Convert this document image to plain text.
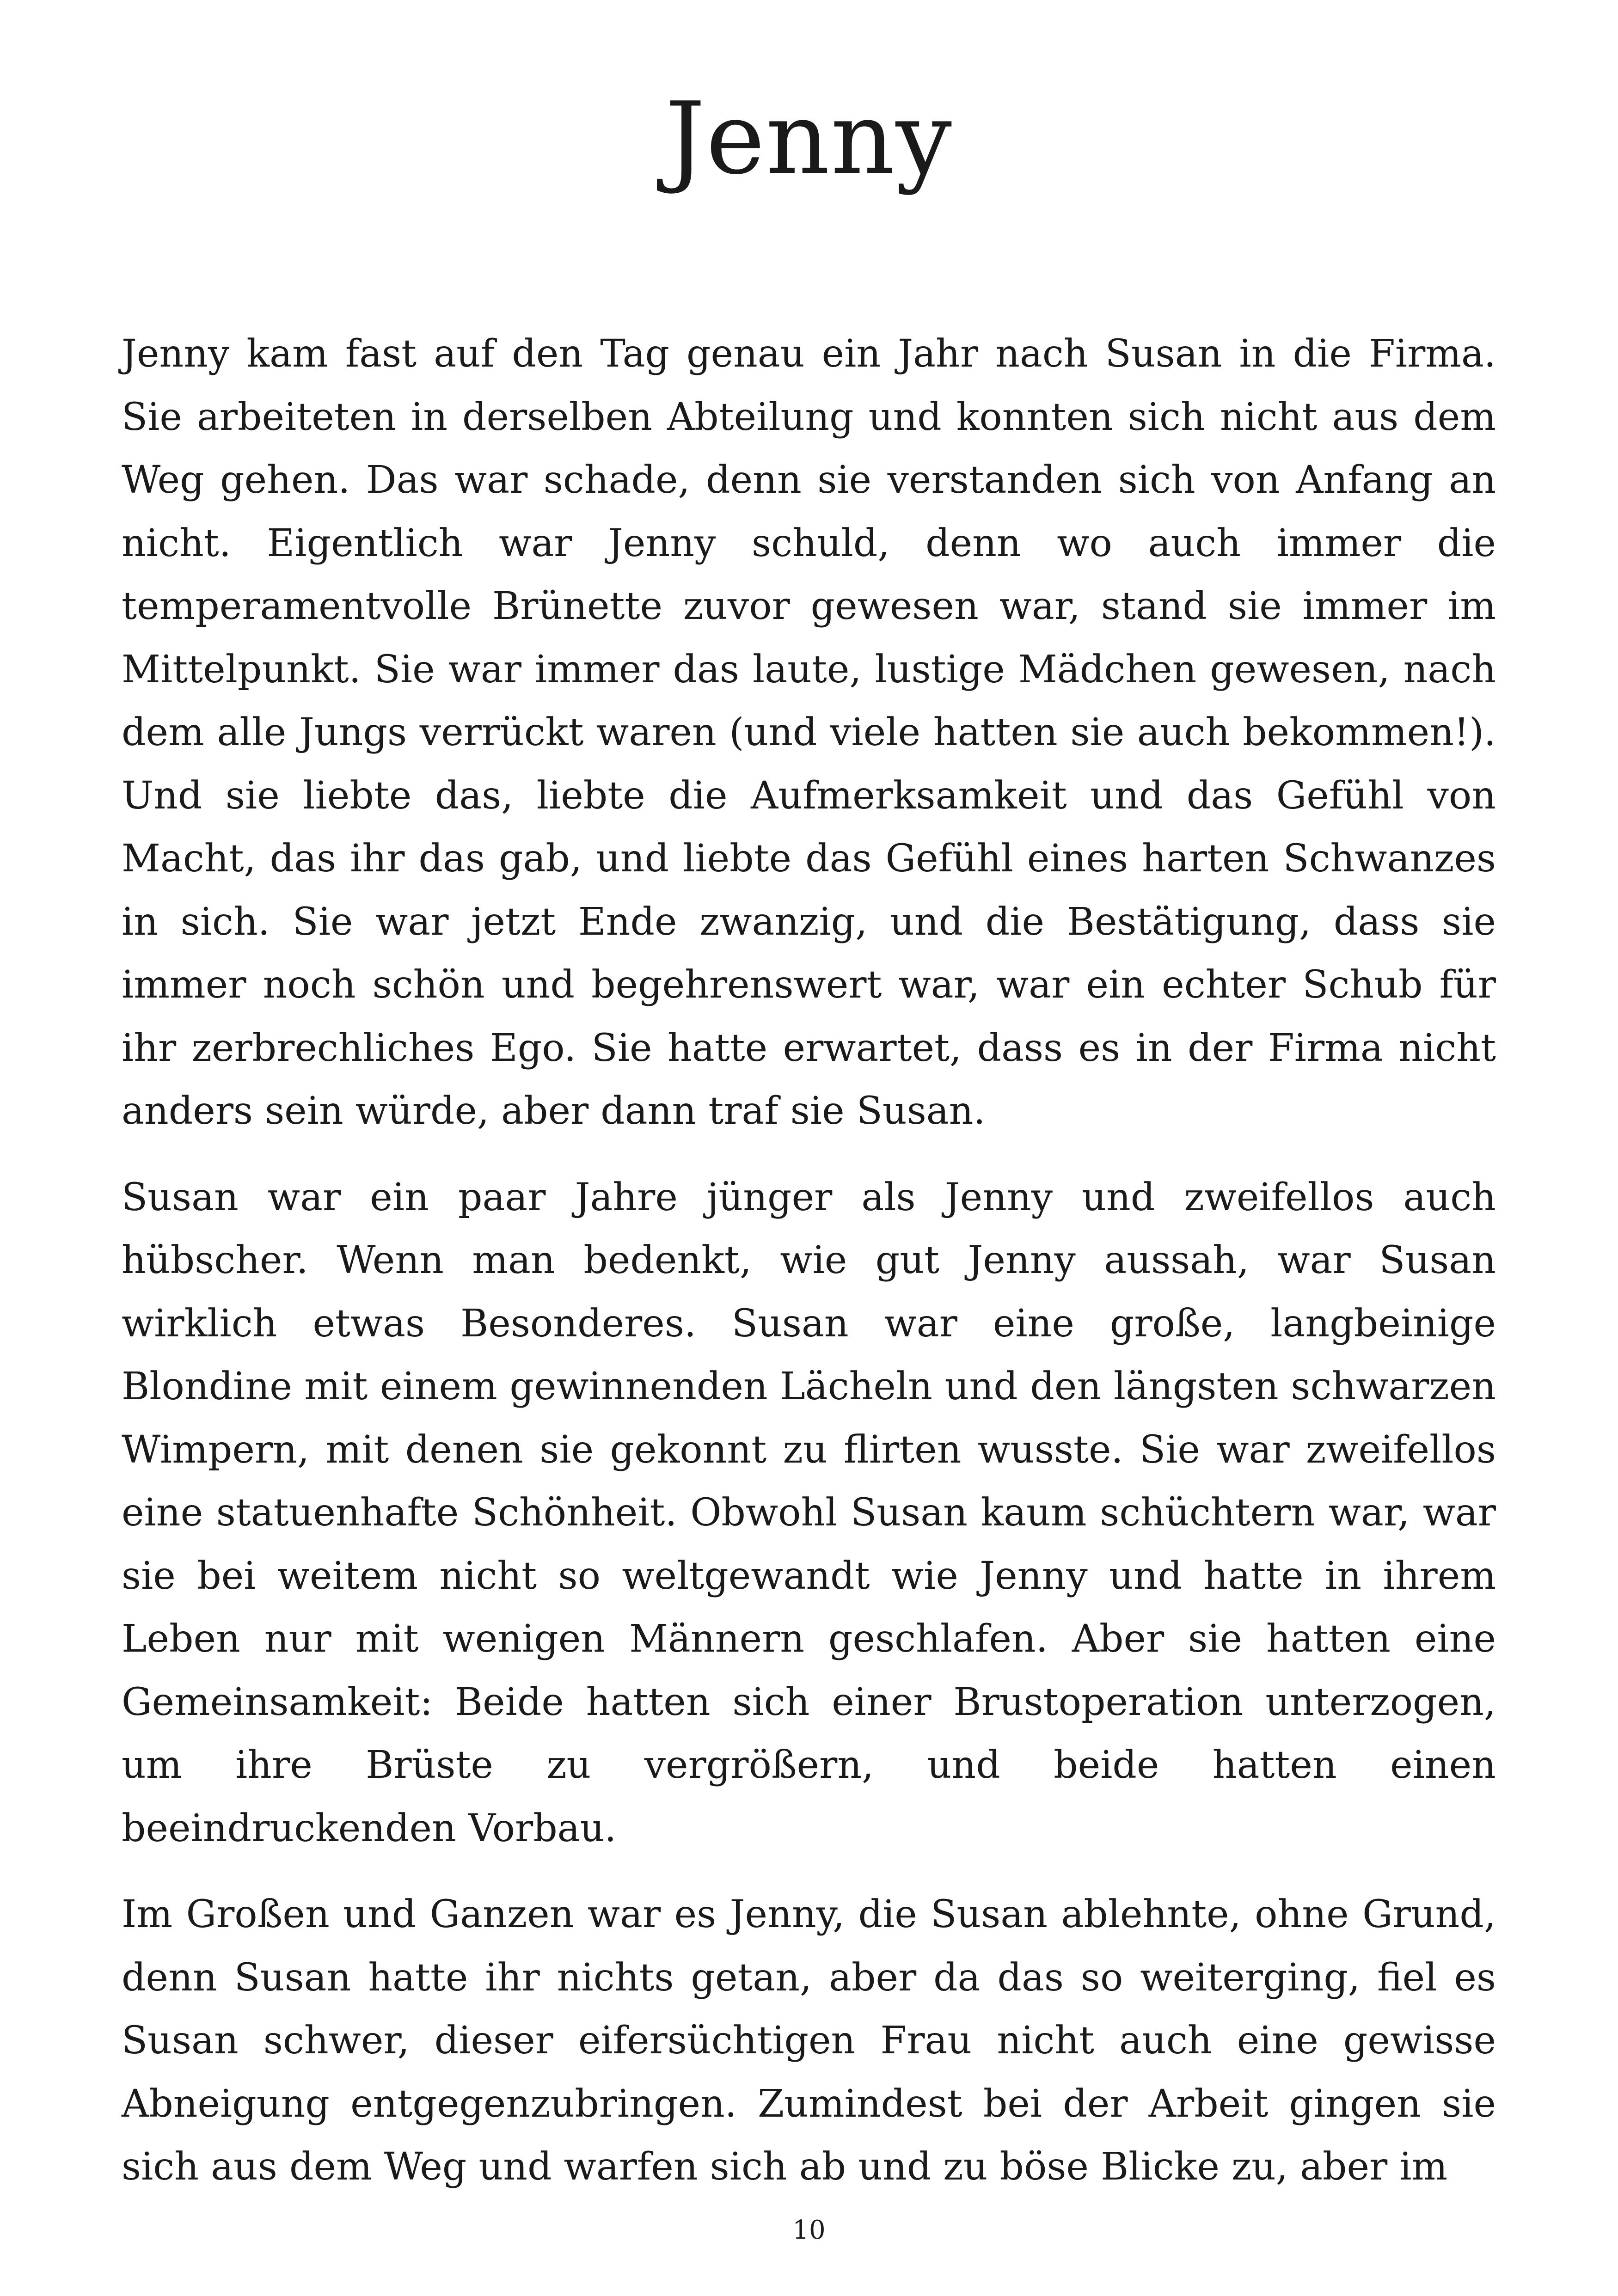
Jenny

Jenny kam fast auf den Tag genau ein Jahr nach Susan in die Firma. Sie arbeiteten in derselben Abteilung und konnten sich nicht aus dem Weg gehen. Das war schade, denn sie verstanden sich von Anfang an nicht. Eigentlich war Jenny schuld, denn wo auch immer die temperamentvolle Brünette zuvor gewesen war, stand sie immer im Mittelpunkt. Sie war immer das laute, lustige Mädchen gewesen, nach dem alle Jungs verrückt waren (und viele hatten sie auch bekommen!). Und sie liebte das, liebte die Aufmerksamkeit und das Gefühl von Macht, das ihr das gab, und liebte das Gefühl eines harten Schwanzes in sich. Sie war jetzt Ende zwanzig, und die Bestätigung, dass sie immer noch schön und begehrenswert war, war ein echter Schub für ihr zerbrechliches Ego. Sie hatte erwartet, dass es in der Firma nicht anders sein würde, aber dann traf sie Susan.

Susan war ein paar Jahre jünger als Jenny und zweifellos auch hübscher. Wenn man bedenkt, wie gut Jenny aussah, war Susan wirklich etwas Besonderes. Susan war eine große, langbeinige Blondine mit einem gewinnenden Lächeln und den längsten schwarzen Wimpern, mit denen sie gekonnt zu flirten wusste. Sie war zweifellos eine statuenhafte Schönheit. Obwohl Susan kaum schüchtern war, war sie bei weitem nicht so weltgewandt wie Jenny und hatte in ihrem Leben nur mit wenigen Männern geschlafen. Aber sie hatten eine Gemeinsamkeit: Beide hatten sich einer Brustoperation unterzogen, um ihre Brüste zu vergrößern, und beide hatten einen beeindruckenden Vorbau.

Im Großen und Ganzen war es Jenny, die Susan ablehnte, ohne Grund, denn Susan hatte ihr nichts getan, aber da das so weiterging, fiel es Susan schwer, dieser eifersüchtigen Frau nicht auch eine gewisse Abneigung entgegenzubringen. Zumindest bei der Arbeit gingen sie sich aus dem Weg und warfen sich ab und zu böse Blicke zu, aber im

10
